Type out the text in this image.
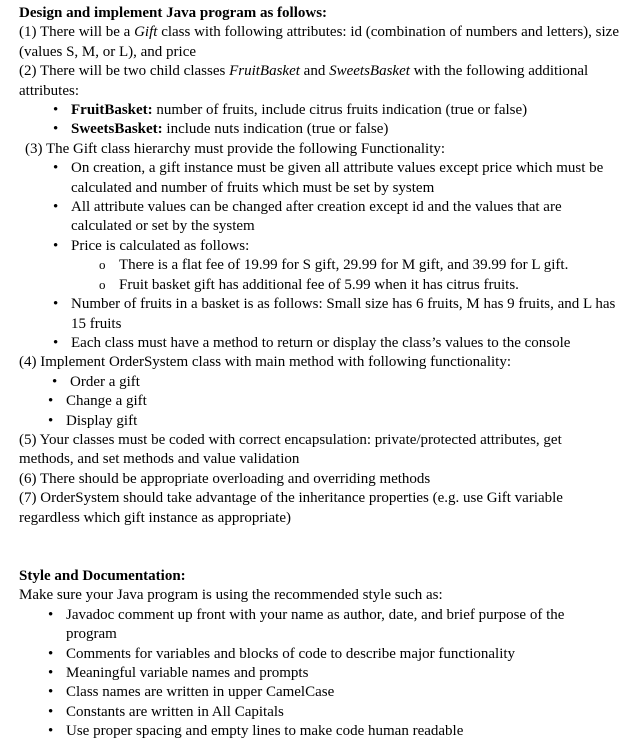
Design and implement Java program as follows:
(1) There will be a Gift class with following attributes: id (combination of numbers and letters), size (values S, M, or L), and price
(2) There will be two child classes FruitBasket and SweetsBasket with the following additional attributes:
• FruitBasket: number of fruits, include citrus fruits indication (true or false)
• SweetsBasket: include nuts indication (true or false)
(3) The Gift class hierarchy must provide the following Functionality:
• On creation, a gift instance must be given all attribute values except price which must be calculated and number of fruits which must be set by system
• All attribute values can be changed after creation except id and the values that are calculated or set by the system
• Price is calculated as follows:
o There is a flat fee of 19.99 for S gift, 29.99 for M gift, and 39.99 for L gift.
o Fruit basket gift has additional fee of 5.99 when it has citrus fruits.
• Number of fruits in a basket is as follows: Small size has 6 fruits, M has 9 fruits, and L has 15 fruits
• Each class must have a method to return or display the class’s values to the console
(4) Implement OrderSystem class with main method with following functionality:
• Order a gift
• Change a gift
• Display gift
(5) Your classes must be coded with correct encapsulation: private/protected attributes, get methods, and set methods and value validation
(6) There should be appropriate overloading and overriding methods
(7) OrderSystem should take advantage of the inheritance properties (e.g. use Gift variable regardless which gift instance as appropriate)
Style and Documentation:
Make sure your Java program is using the recommended style such as:
• Javadoc comment up front with your name as author, date, and brief purpose of the program
• Comments for variables and blocks of code to describe major functionality
• Meaningful variable names and prompts
• Class names are written in upper CamelCase
• Constants are written in All Capitals
• Use proper spacing and empty lines to make code human readable
